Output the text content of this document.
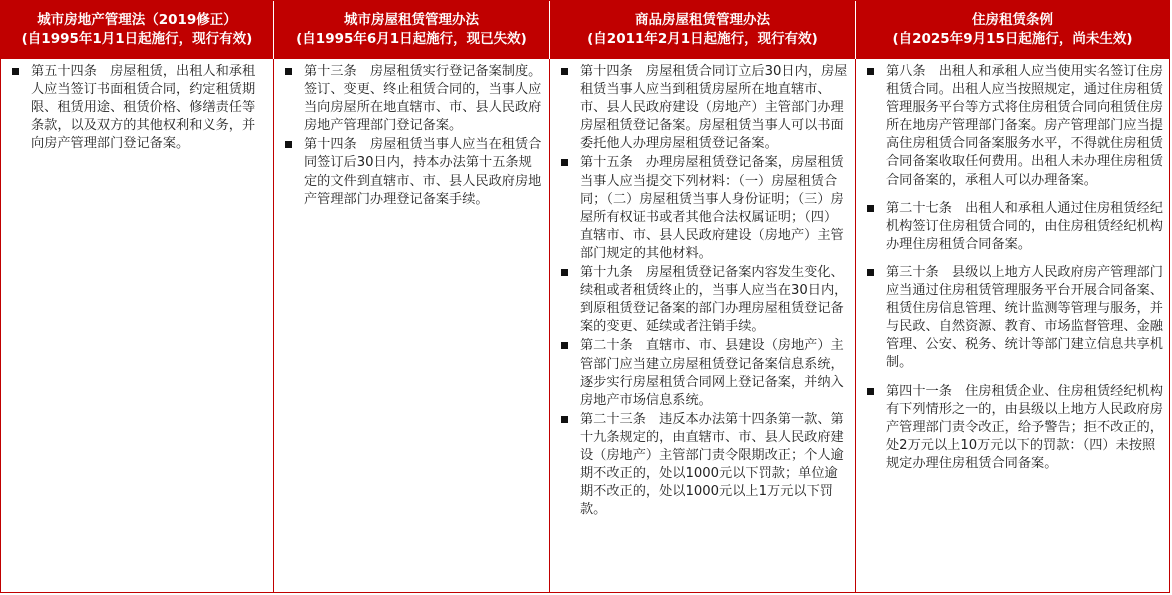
城市房地产管理法（2019修正）
(自1995年1月1日起施行，现行有效)
城市房屋租赁管理办法
(自1995年6月1日起施行，现已失效)
商品房屋租赁管理办法
(自2011年2月1日起施行，现行有效)
住房租赁条例
(自2025年9月15日起施行，尚未生效)
第五十四条　房屋租赁，出租人和承租人应当签订书面租赁合同，约定租赁期限、租赁用途、租赁价格、修缮责任等条款，以及双方的其他权利和义务，并向房产管理部门登记备案。
第十三条　房屋租赁实行登记备案制度。签订、变更、终止租赁合同的，当事人应当向房屋所在地直辖市、市、县人民政府房地产管理部门登记备案。
第十四条　房屋租赁当事人应当在租赁合同签订后30日内，持本办法第十五条规定的文件到直辖市、市、县人民政府房地产管理部门办理登记备案手续。
第十四条　房屋租赁合同订立后30日内，房屋租赁当事人应当到租赁房屋所在地直辖市、市、县人民政府建设（房地产）主管部门办理房屋租赁登记备案。房屋租赁当事人可以书面委托他人办理房屋租赁登记备案。
第十五条　办理房屋租赁登记备案，房屋租赁当事人应当提交下列材料：（一）房屋租赁合同；（二）房屋租赁当事人身份证明；（三）房屋所有权证书或者其他合法权属证明；（四）直辖市、市、县人民政府建设（房地产）主管部门规定的其他材料。
第十九条　房屋租赁登记备案内容发生变化、续租或者租赁终止的，当事人应当在30日内，到原租赁登记备案的部门办理房屋租赁登记备案的变更、延续或者注销手续。
第二十条　直辖市、市、县建设（房地产）主管部门应当建立房屋租赁登记备案信息系统，逐步实行房屋租赁合同网上登记备案，并纳入房地产市场信息系统。
第二十三条　违反本办法第十四条第一款、第十九条规定的，由直辖市、市、县人民政府建设（房地产）主管部门责令限期改正；个人逾期不改正的，处以1000元以下罚款；单位逾期不改正的，处以1000元以上1万元以下罚款。
第八条　出租人和承租人应当使用实名签订住房租赁合同。出租人应当按照规定，通过住房租赁管理服务平台等方式将住房租赁合同向租赁住房所在地房产管理部门备案。房产管理部门应当提高住房租赁合同备案服务水平，不得就住房租赁合同备案收取任何费用。出租人未办理住房租赁合同备案的，承租人可以办理备案。
第二十七条　出租人和承租人通过住房租赁经纪机构签订住房租赁合同的，由住房租赁经纪机构办理住房租赁合同备案。
第三十条　县级以上地方人民政府房产管理部门应当通过住房租赁管理服务平台开展合同备案、租赁住房信息管理、统计监测等管理与服务，并与民政、自然资源、教育、市场监督管理、金融管理、公安、税务、统计等部门建立信息共享机制。
第四十一条　住房租赁企业、住房租赁经纪机构有下列情形之一的，由县级以上地方人民政府房产管理部门责令改正，给予警告；拒不改正的，处2万元以上10万元以下的罚款：（四）未按照规定办理住房租赁合同备案。
